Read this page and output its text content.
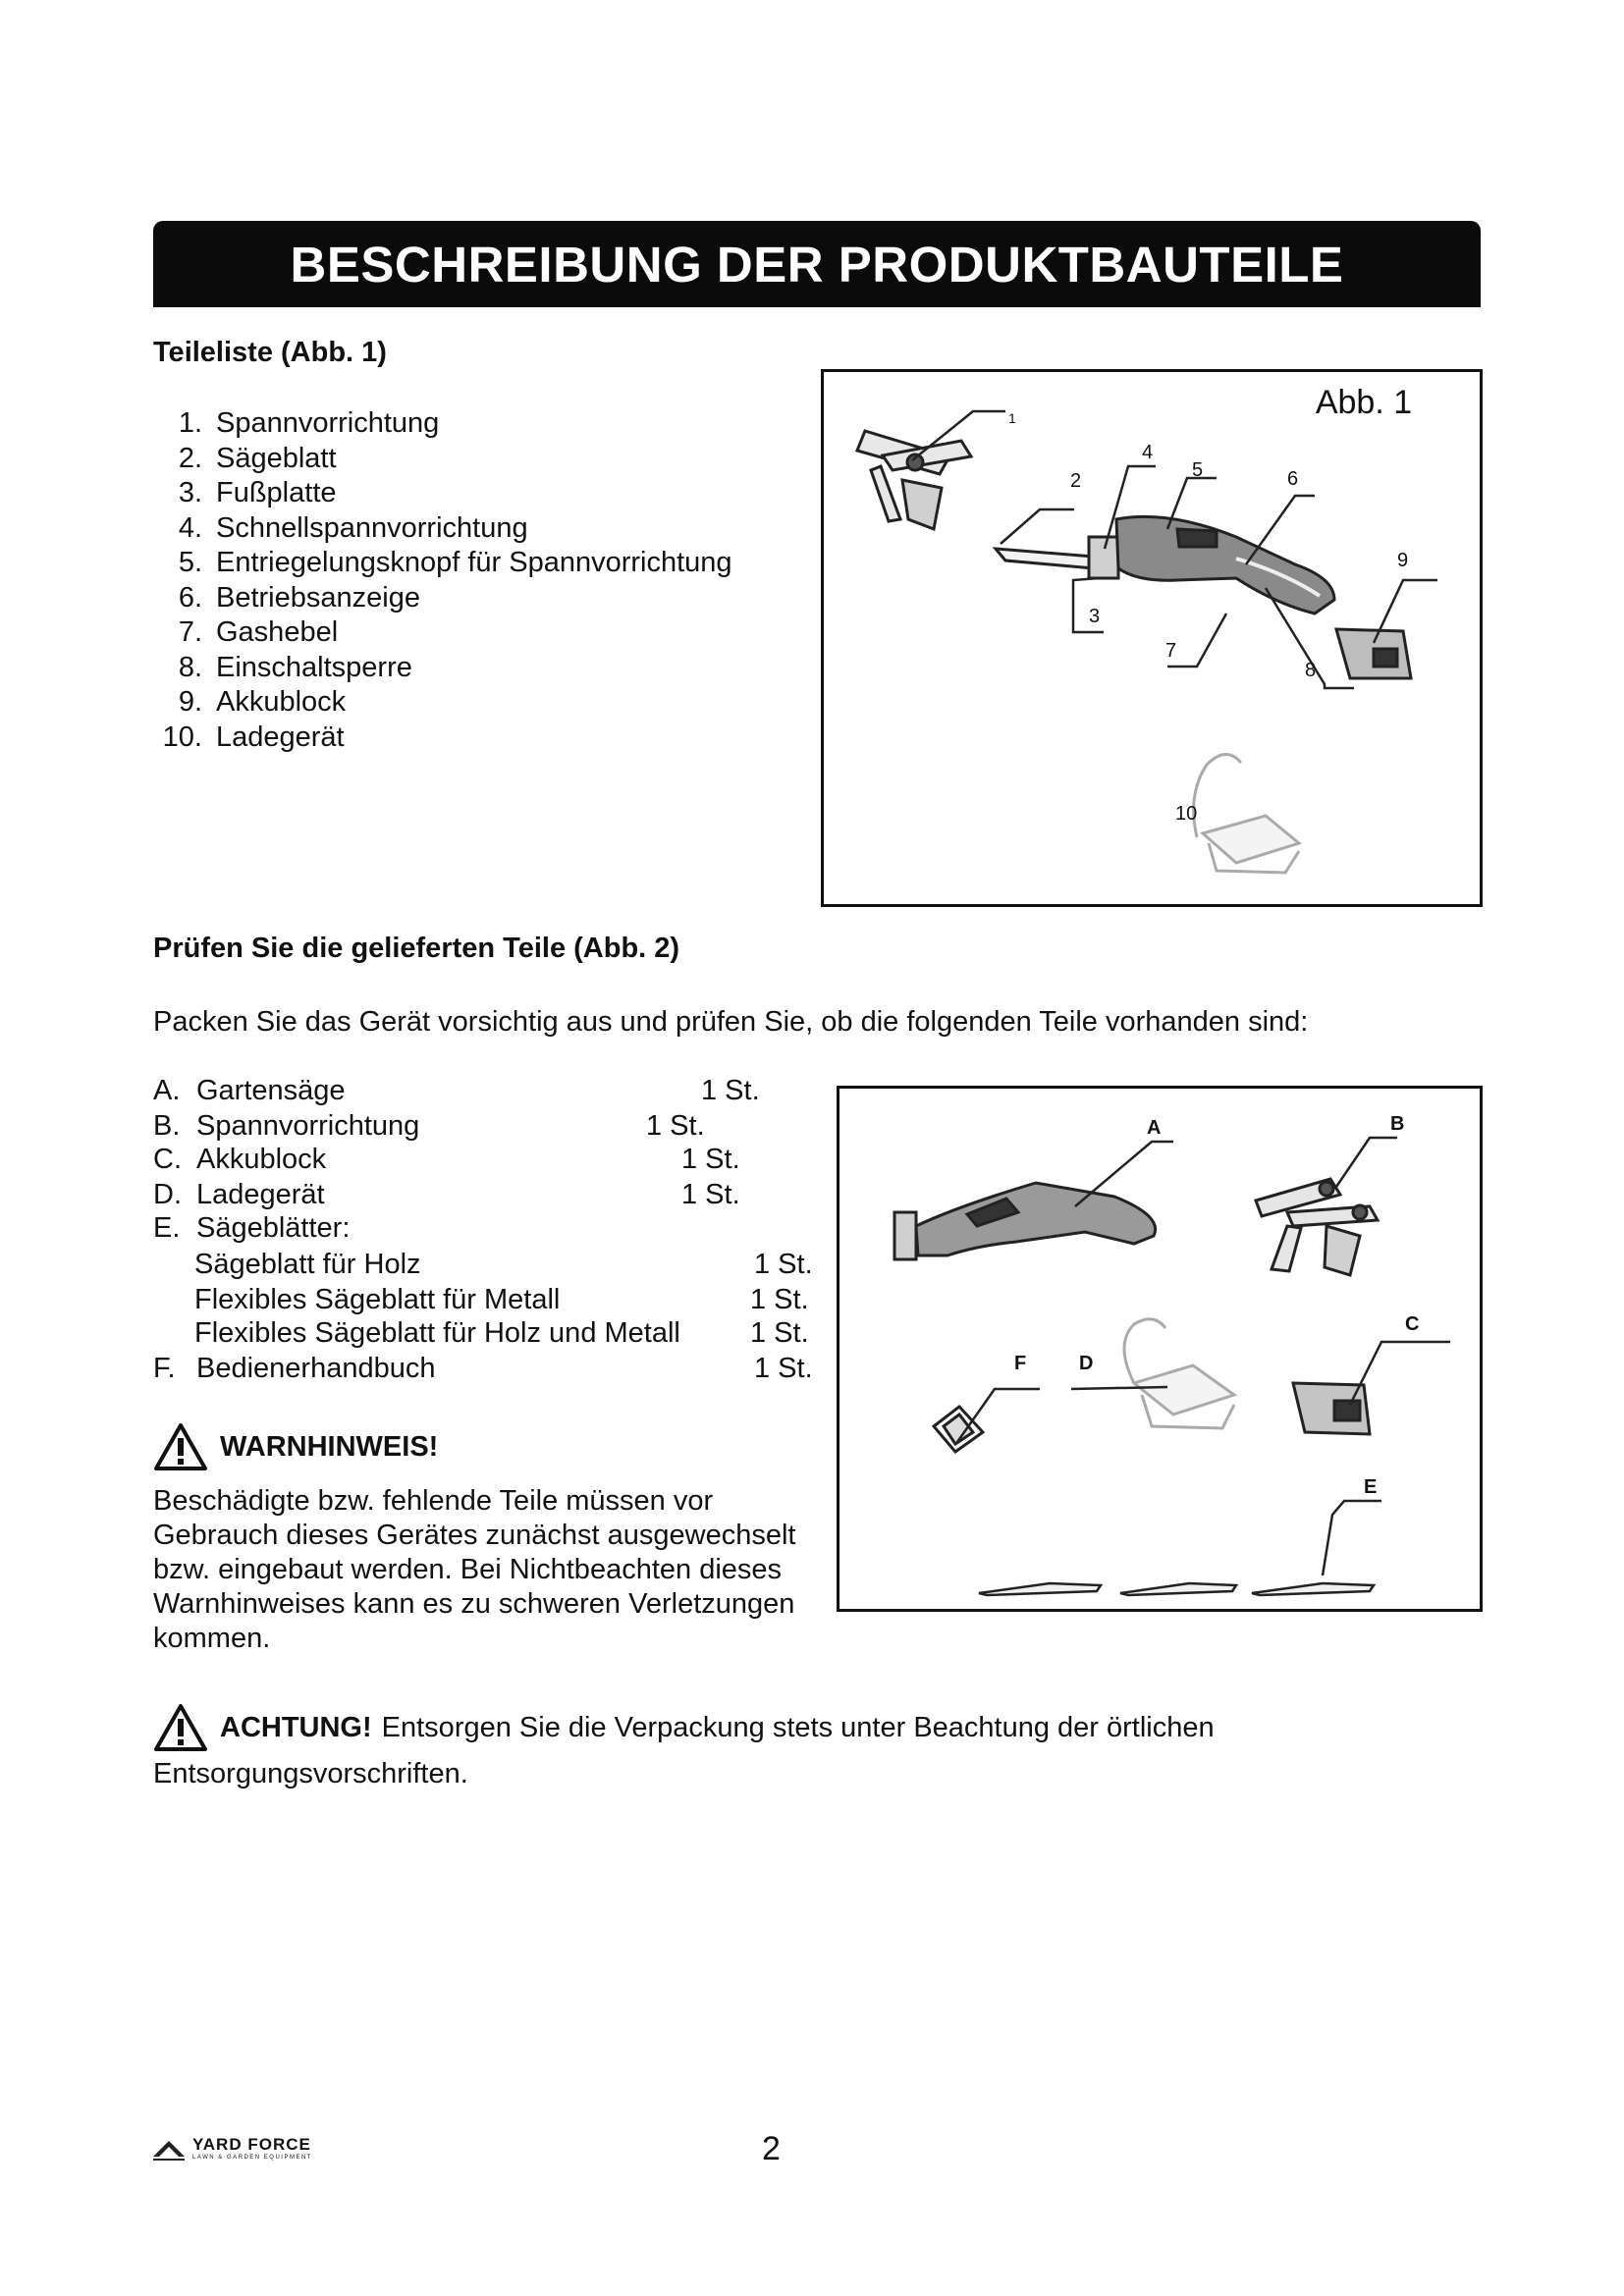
BESCHREIBUNG DER PRODUKTBAUTEILE
Teileliste (Abb. 1)
1. Spannvorrichtung
2. Sägeblatt
3. Fußplatte
4. Schnellspannvorrichtung
5. Entriegelungsknopf für Spannvorrichtung
6. Betriebsanzeige
7. Gashebel
8. Einschaltsperre
9. Akkublock
10. Ladegerät
Abb. 1
1
2
3
4
5	6
7
8
9
10
Prüfen Sie die gelieferten Teile (Abb. 2)
Packen Sie das Gerät vorsichtig aus und prüfen Sie, ob die folgenden Teile vorhanden sind:
A. Gartensäge	1 St.
B. Spannvorrichtung	1 St.
C. Akkublock	1 St.
D. Ladegerät	1 St.
E. Sägeblätter:
Sägeblatt für Holz	1 St.
Flexibles Sägeblatt für Metall	1 St.
Flexibles Sägeblatt für Holz und Metall 1 St.
F. Bedienerhandbuch	1 St.
A	B
C
D
E
F
WARNHINWEIS!
Beschädigte bzw. fehlende Teile müssen vor
Gebrauch dieses Gerätes zunächst ausgewechselt
bzw. eingebaut werden. Bei Nichtbeachten dieses
Warnhinweises kann es zu schweren Verletzungen
kommen.
ACHTUNG! Entsorgen Sie die Verpackung stets unter Beachtung der örtlichen
Entsorgungsvorschriften.
YARD FORCE
LAWN & GARDEN EQUIPMENT	2
